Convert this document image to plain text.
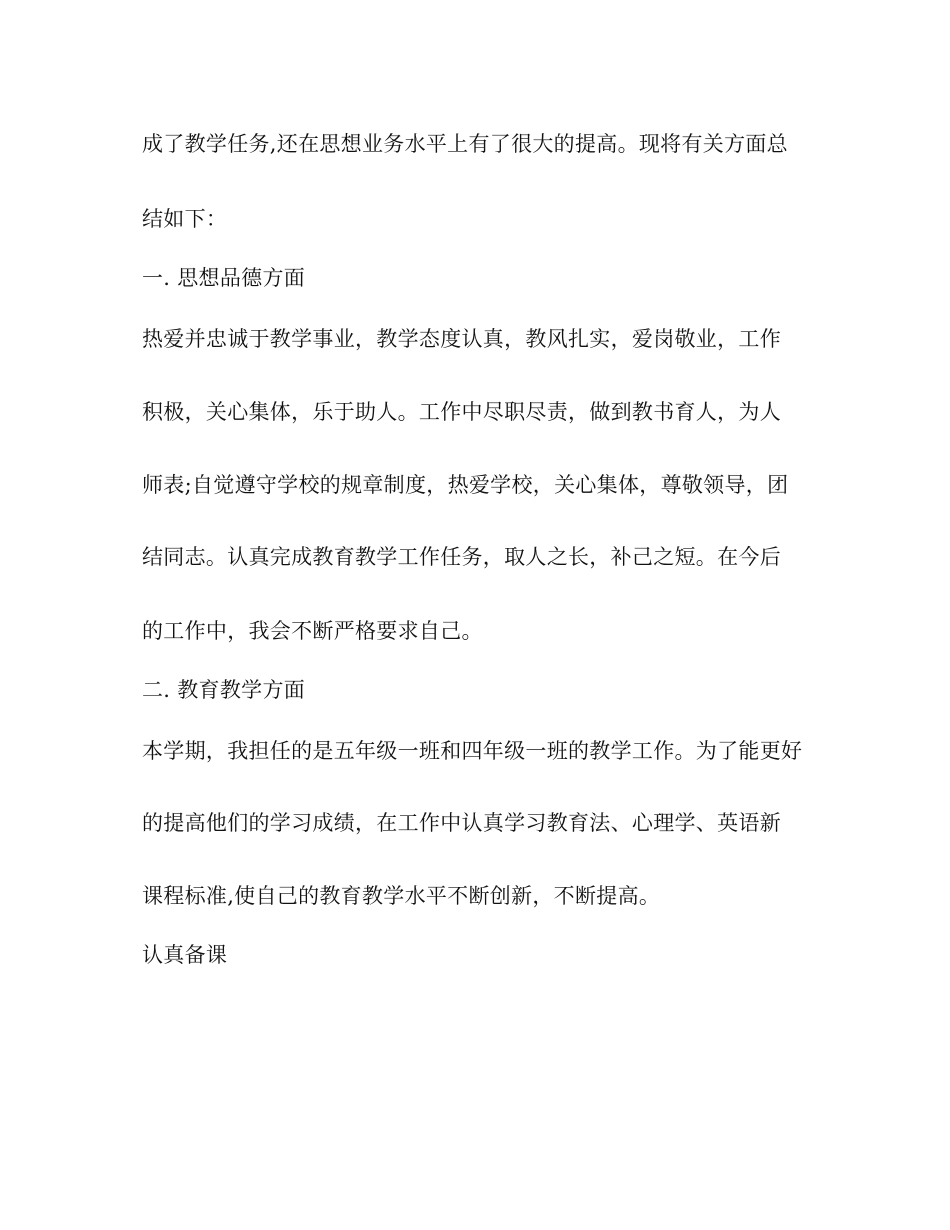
成了教学任务,还在思想业务水平上有了很大的提高。现将有关方面总
结如下：
一. 思想品德方面
热爱并忠诚于教学事业，教学态度认真，教风扎实，爱岗敬业，工作
积极，关心集体，乐于助人。工作中尽职尽责，做到教书育人，为人
师表;自觉遵守学校的规章制度，热爱学校，关心集体，尊敬领导，团
结同志。认真完成教育教学工作任务，取人之长，补己之短。在今后
的工作中，我会不断严格要求自己。
二. 教育教学方面
本学期，我担任的是五年级一班和四年级一班的教学工作。为了能更好
的提高他们的学习成绩，在工作中认真学习教育法、心理学、英语新
课程标准,使自己的教育教学水平不断创新，不断提高。
认真备课
